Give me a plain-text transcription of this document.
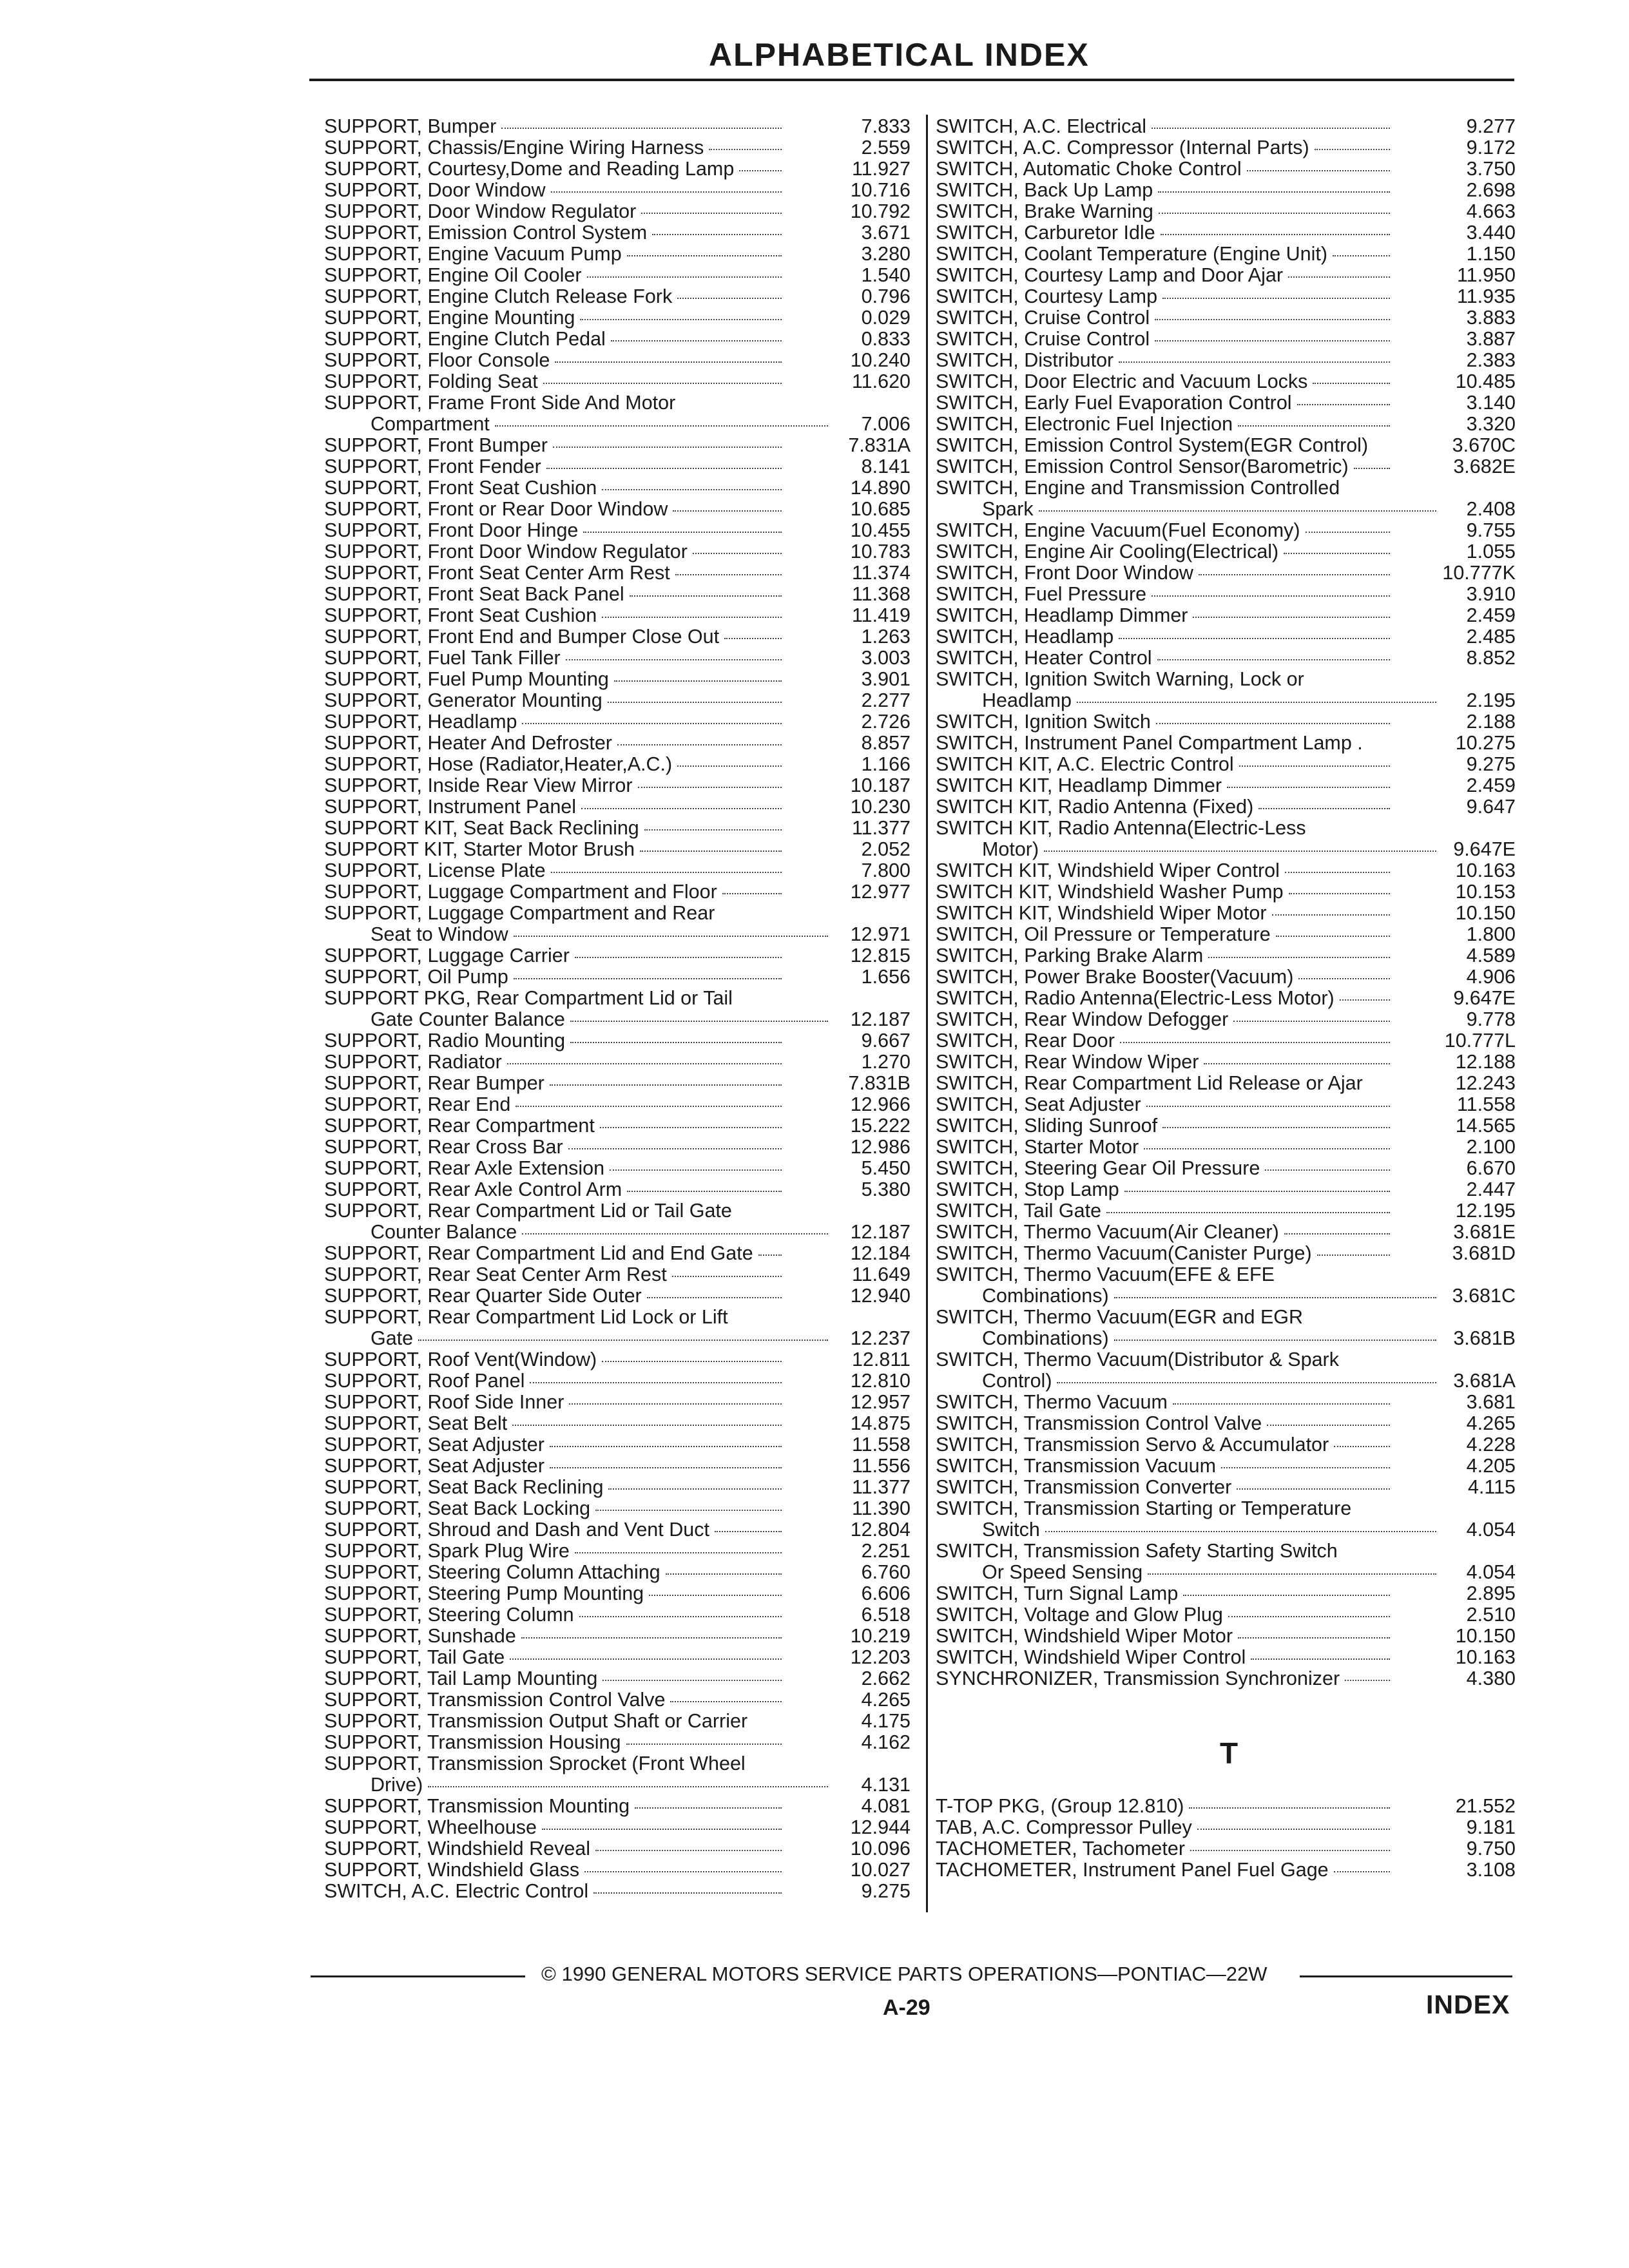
ALPHABETICAL INDEX
SUPPORT, Bumper	7.833
SUPPORT, Chassis/Engine Wiring Harness	2.559
SUPPORT, Courtesy,Dome and Reading Lamp	11.927
SUPPORT, Door Window	10.716
SUPPORT, Door Window Regulator	10.792
SUPPORT, Emission Control System	3.671
SUPPORT, Engine Vacuum Pump	3.280
SUPPORT, Engine Oil Cooler	1.540
SUPPORT, Engine Clutch Release Fork	0.796
SUPPORT, Engine Mounting	0.029
SUPPORT, Engine Clutch Pedal	0.833
SUPPORT, Floor Console	10.240
SUPPORT, Folding Seat	11.620
SUPPORT, Frame Front Side And Motor
Compartment	7.006
SUPPORT, Front Bumper	7.831A
SUPPORT, Front Fender	8.141
SUPPORT, Front Seat Cushion	14.890
SUPPORT, Front or Rear Door Window	10.685
SUPPORT, Front Door Hinge	10.455
SUPPORT, Front Door Window Regulator	10.783
SUPPORT, Front Seat Center Arm Rest	11.374
SUPPORT, Front Seat Back Panel	11.368
SUPPORT, Front Seat Cushion	11.419
SUPPORT, Front End and Bumper Close Out	1.263
SUPPORT, Fuel Tank Filler	3.003
SUPPORT, Fuel Pump Mounting	3.901
SUPPORT, Generator Mounting	2.277
SUPPORT, Headlamp	2.726
SUPPORT, Heater And Defroster	8.857
SUPPORT, Hose (Radiator,Heater,A.C.)	1.166
SUPPORT, Inside Rear View Mirror	10.187
SUPPORT, Instrument Panel	10.230
SUPPORT KIT, Seat Back Reclining	11.377
SUPPORT KIT, Starter Motor Brush	2.052
SUPPORT, License Plate	7.800
SUPPORT, Luggage Compartment and Floor	12.977
SUPPORT, Luggage Compartment and Rear
Seat to Window	12.971
SUPPORT, Luggage Carrier	12.815
SUPPORT, Oil Pump	1.656
SUPPORT PKG, Rear Compartment Lid or Tail
Gate Counter Balance	12.187
SUPPORT, Radio Mounting	9.667
SUPPORT, Radiator	1.270
SUPPORT, Rear Bumper	7.831B
SUPPORT, Rear End	12.966
SUPPORT, Rear Compartment	15.222
SUPPORT, Rear Cross Bar	12.986
SUPPORT, Rear Axle Extension	5.450
SUPPORT, Rear Axle Control Arm	5.380
SUPPORT, Rear Compartment Lid or Tail Gate
Counter Balance	12.187
SUPPORT, Rear Compartment Lid and End Gate	12.184
SUPPORT, Rear Seat Center Arm Rest	11.649
SUPPORT, Rear Quarter Side Outer	12.940
SUPPORT, Rear Compartment Lid Lock or Lift
Gate	12.237
SUPPORT, Roof Vent(Window)	12.811
SUPPORT, Roof Panel	12.810
SUPPORT, Roof Side Inner	12.957
SUPPORT, Seat Belt	14.875
SUPPORT, Seat Adjuster	11.558
SUPPORT, Seat Adjuster	11.556
SUPPORT, Seat Back Reclining	11.377
SUPPORT, Seat Back Locking	11.390
SUPPORT, Shroud and Dash and Vent Duct	12.804
SUPPORT, Spark Plug Wire	2.251
SUPPORT, Steering Column Attaching	6.760
SUPPORT, Steering Pump Mounting	6.606
SUPPORT, Steering Column	6.518
SUPPORT, Sunshade	10.219
SUPPORT, Tail Gate	12.203
SUPPORT, Tail Lamp Mounting	2.662
SUPPORT, Transmission Control Valve	4.265
SUPPORT, Transmission Output Shaft or Carrier	4.175
SUPPORT, Transmission Housing	4.162
SUPPORT, Transmission Sprocket (Front Wheel
Drive)	4.131
SUPPORT, Transmission Mounting	4.081
SUPPORT, Wheelhouse	12.944
SUPPORT, Windshield Reveal	10.096
SUPPORT, Windshield Glass	10.027
SWITCH, A.C. Electric Control	9.275
SWITCH, A.C. Electrical	9.277
SWITCH, A.C. Compressor (Internal Parts)	9.172
SWITCH, Automatic Choke Control	3.750
SWITCH, Back Up Lamp	2.698
SWITCH, Brake Warning	4.663
SWITCH, Carburetor Idle	3.440
SWITCH, Coolant Temperature (Engine Unit)	1.150
SWITCH, Courtesy Lamp and Door Ajar	11.950
SWITCH, Courtesy Lamp	11.935
SWITCH, Cruise Control	3.883
SWITCH, Cruise Control	3.887
SWITCH, Distributor	2.383
SWITCH, Door Electric and Vacuum Locks	10.485
SWITCH, Early Fuel Evaporation Control	3.140
SWITCH, Electronic Fuel Injection	3.320
SWITCH, Emission Control System(EGR Control)	3.670C
SWITCH, Emission Control Sensor(Barometric)	3.682E
SWITCH, Engine and Transmission Controlled
Spark	2.408
SWITCH, Engine Vacuum(Fuel Economy)	9.755
SWITCH, Engine Air Cooling(Electrical)	1.055
SWITCH, Front Door Window	10.777K
SWITCH, Fuel Pressure	3.910
SWITCH, Headlamp Dimmer	2.459
SWITCH, Headlamp	2.485
SWITCH, Heater Control	8.852
SWITCH, Ignition Switch Warning, Lock or
Headlamp	2.195
SWITCH, Ignition Switch	2.188
SWITCH, Instrument Panel Compartment Lamp .	10.275
SWITCH KIT, A.C. Electric Control	9.275
SWITCH KIT, Headlamp Dimmer	2.459
SWITCH KIT, Radio Antenna (Fixed)	9.647
SWITCH KIT, Radio Antenna(Electric-Less
Motor)	9.647E
SWITCH KIT, Windshield Wiper Control	10.163
SWITCH KIT, Windshield Washer Pump	10.153
SWITCH KIT, Windshield Wiper Motor	10.150
SWITCH, Oil Pressure or Temperature	1.800
SWITCH, Parking Brake Alarm	4.589
SWITCH, Power Brake Booster(Vacuum)	4.906
SWITCH, Radio Antenna(Electric-Less Motor)	9.647E
SWITCH, Rear Window Defogger	9.778
SWITCH, Rear Door	10.777L
SWITCH, Rear Window Wiper	12.188
SWITCH, Rear Compartment Lid Release or Ajar	12.243
SWITCH, Seat Adjuster	11.558
SWITCH, Sliding Sunroof	14.565
SWITCH, Starter Motor	2.100
SWITCH, Steering Gear Oil Pressure	6.670
SWITCH, Stop Lamp	2.447
SWITCH, Tail Gate	12.195
SWITCH, Thermo Vacuum(Air Cleaner)	3.681E
SWITCH, Thermo Vacuum(Canister Purge)	3.681D
SWITCH, Thermo Vacuum(EFE & EFE
Combinations)	3.681C
SWITCH, Thermo Vacuum(EGR and EGR
Combinations)	3.681B
SWITCH, Thermo Vacuum(Distributor & Spark
Control)	3.681A
SWITCH, Thermo Vacuum	3.681
SWITCH, Transmission Control Valve	4.265
SWITCH, Transmission Servo & Accumulator	4.228
SWITCH, Transmission Vacuum	4.205
SWITCH, Transmission Converter	4.115
SWITCH, Transmission Starting or Temperature
Switch	4.054
SWITCH, Transmission Safety Starting Switch
Or Speed Sensing	4.054
SWITCH, Turn Signal Lamp	2.895
SWITCH, Voltage and Glow Plug	2.510
SWITCH, Windshield Wiper Motor	10.150
SWITCH, Windshield Wiper Control	10.163
SYNCHRONIZER, Transmission Synchronizer	4.380
T
T-TOP PKG, (Group 12.810)	21.552
TAB, A.C. Compressor Pulley	9.181
TACHOMETER, Tachometer	9.750
TACHOMETER, Instrument Panel Fuel Gage	3.108
© 1990 GENERAL MOTORS SERVICE PARTS OPERATIONS—PONTIAC—22W
A-29	INDEX
